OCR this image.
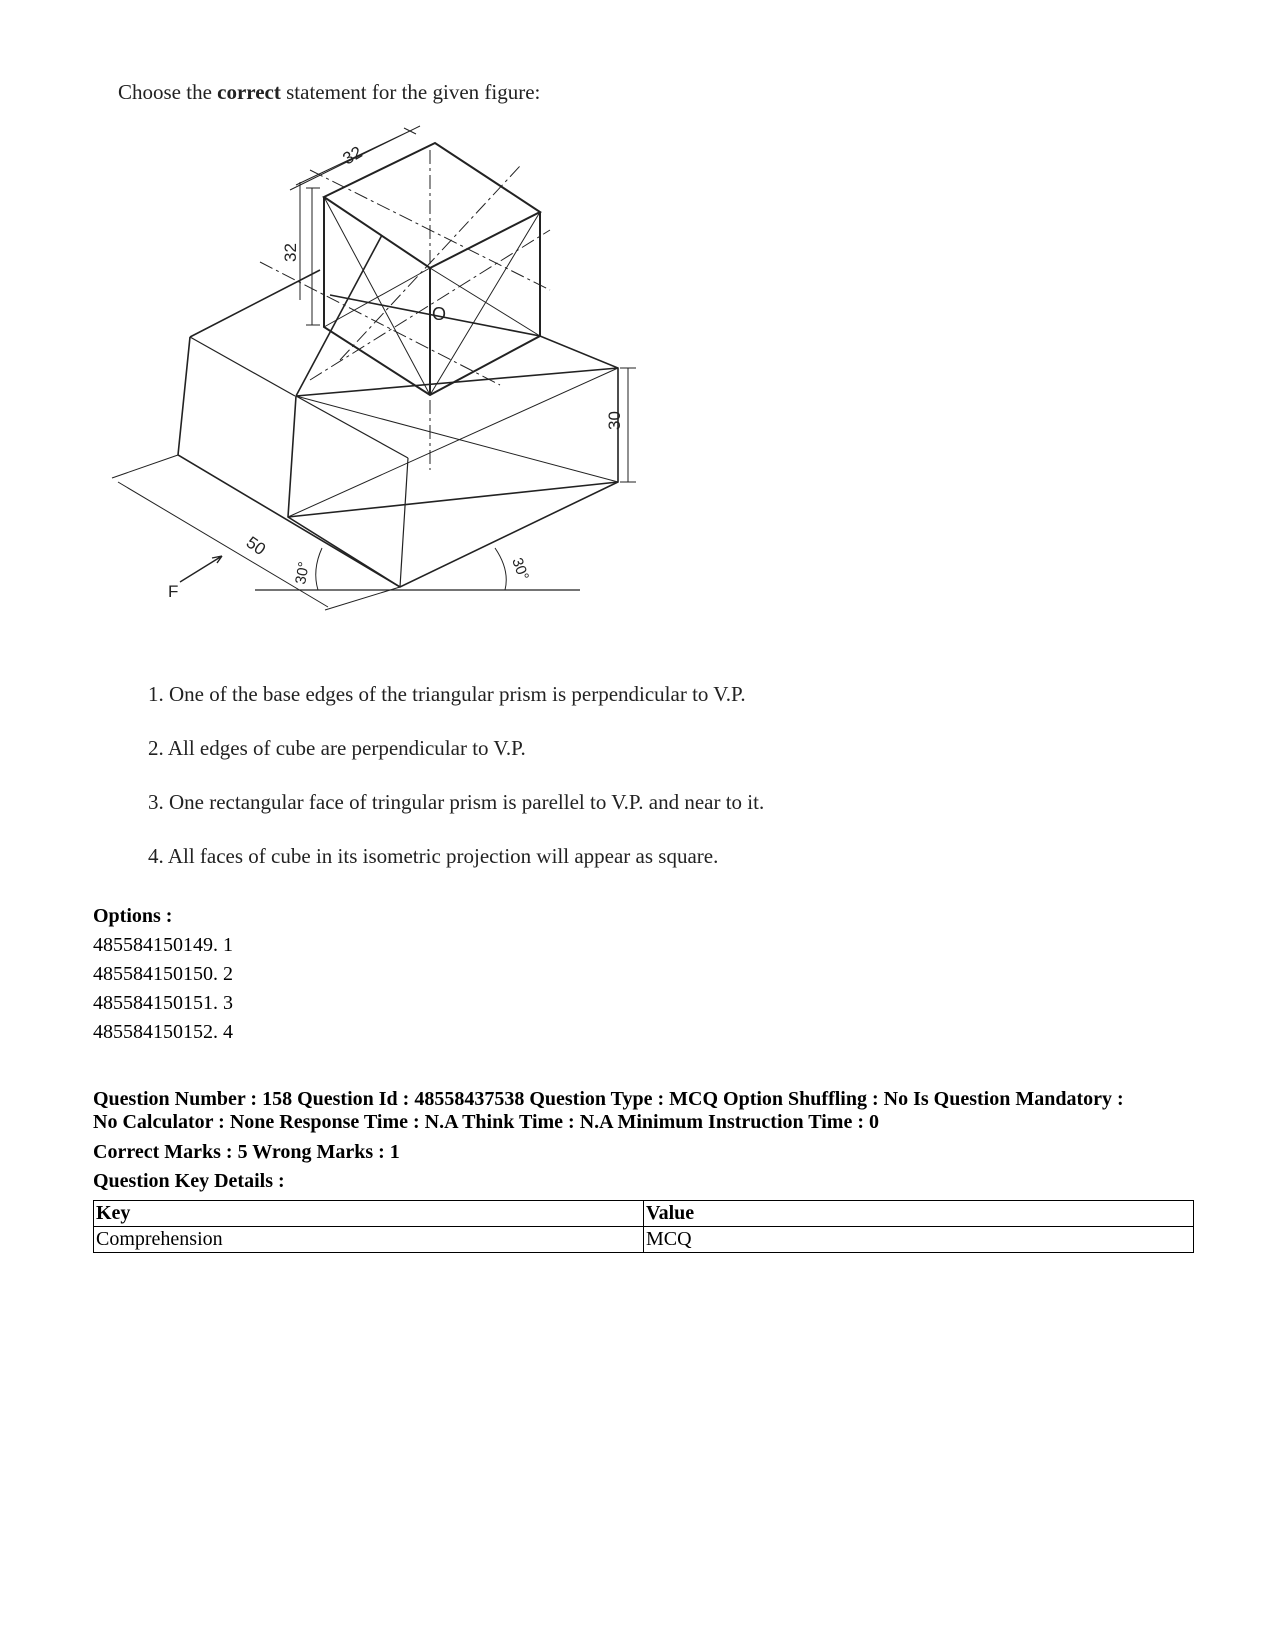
Choose the correct statement for the given figure:
32
32
O
30
50
30°	30°
F
1. One of the base edges of the triangular prism is perpendicular to V.P.
2. All edges of cube are perpendicular to V.P.
3. One rectangular face of tringular prism is parellel to V.P. and near to it.
4. All faces of cube in its isometric projection will appear as square.
Options :
485584150149. 1
485584150150. 2
485584150151. 3
485584150152. 4

Question Number : 158 Question Id : 48558437538 Question Type : MCQ Option Shuffling : No Is Question Mandatory :

No Calculator : None Response Time : N.A Think Time : N.A Minimum Instruction Time : 0

Correct Marks : 5 Wrong Marks : 1
Question Key Details :
Key	Value
Comprehension	MCQ
